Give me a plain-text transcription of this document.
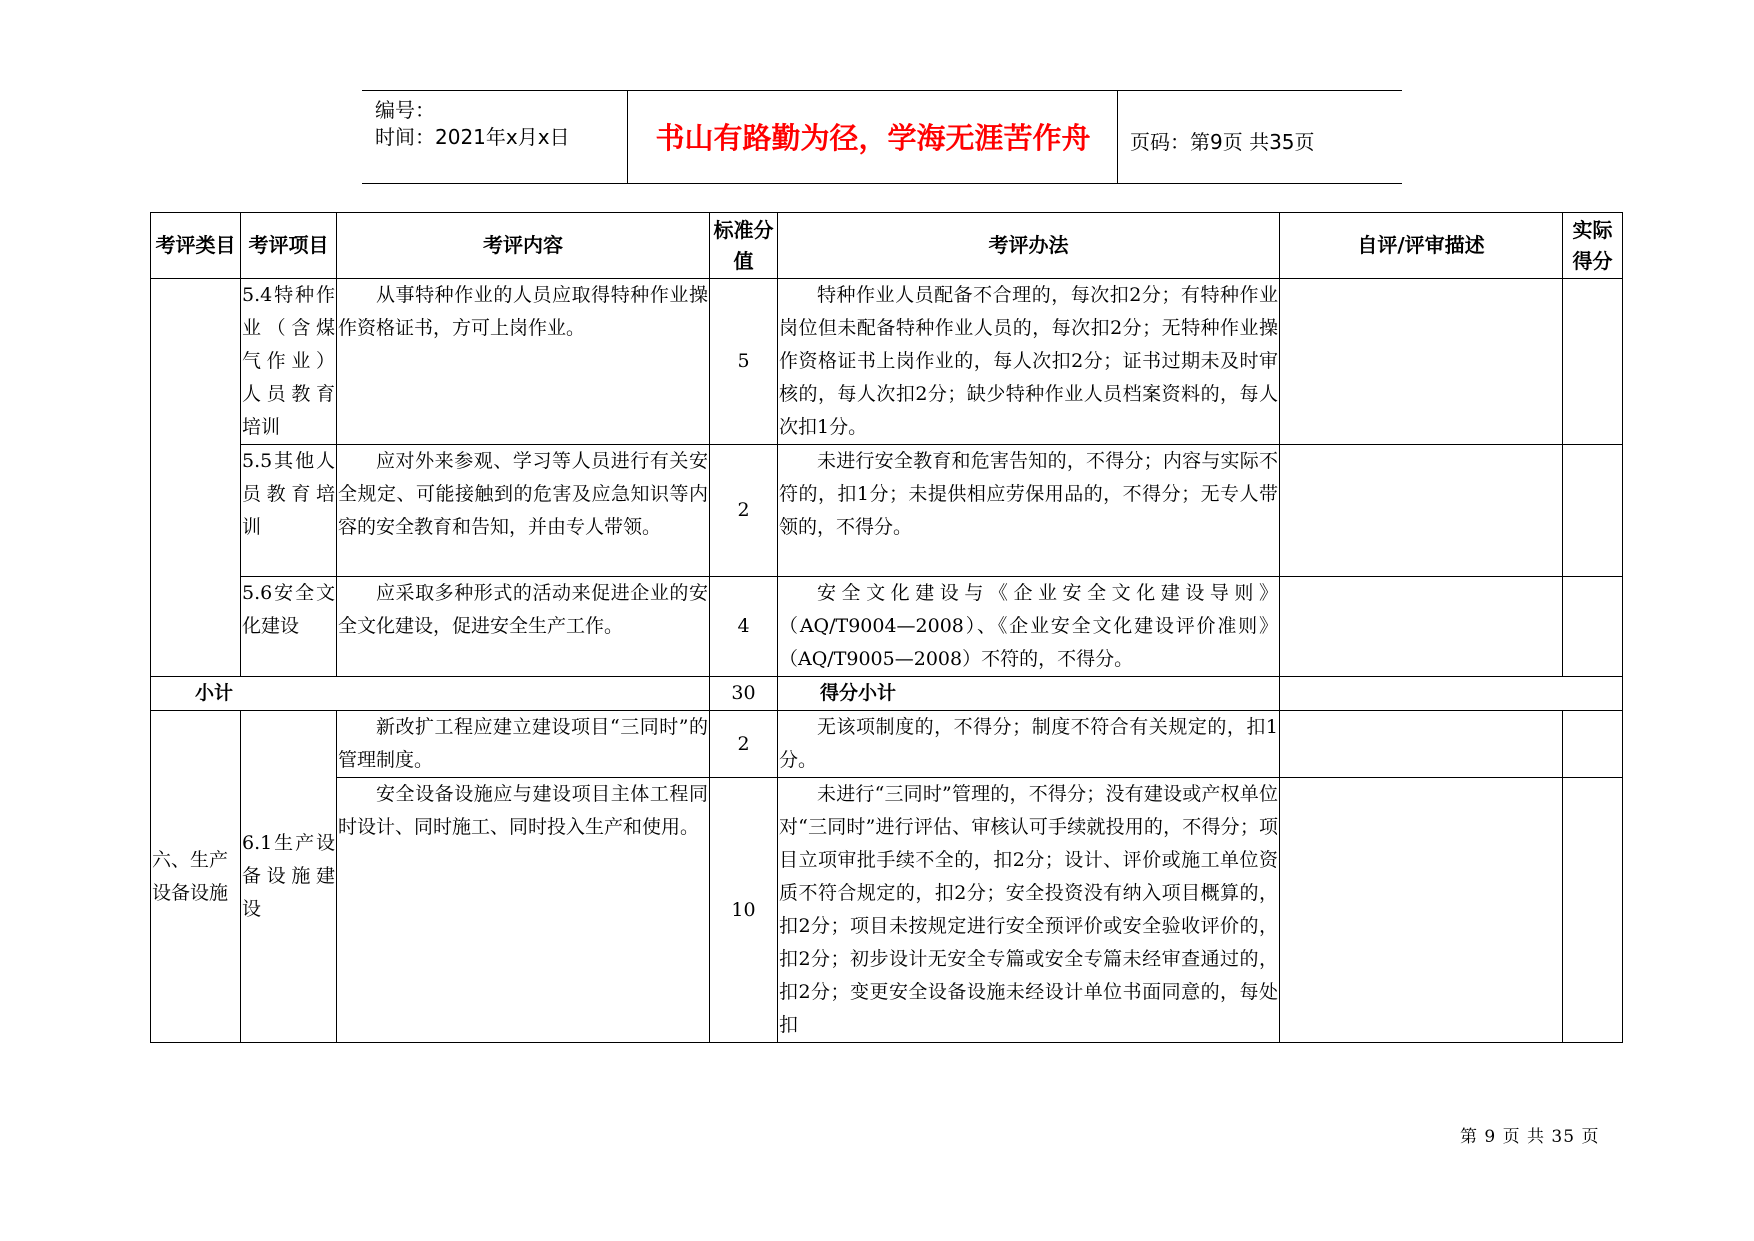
编号：
时间：2021年x月x日	书山有路勤为径，学海无涯苦作舟	页码：第9页 共35页
考评类目	考评项目	考评内容	标准分值	考评办法	自评/评审描述	实际得分
	5.4特种作业（含煤气作业）人员教育培训	从事特种作业的人员应取得特种作业操作资格证书，方可上岗作业。	5	特种作业人员配备不合理的，每次扣2分；有特种作业岗位但未配备特种作业人员的，每次扣2分；无特种作业操作资格证书上岗作业的，每人次扣2分；证书过期未及时审核的，每人次扣2分；缺少特种作业人员档案资料的，每人次扣1分。		
	5.5其他人员教育培训	应对外来参观、学习等人员进行有关安全规定、可能接触到的危害及应急知识等内容的安全教育和告知，并由专人带领。	2	未进行安全教育和危害告知的，不得分；内容与实际不符的，扣1分；未提供相应劳保用品的，不得分；无专人带领的，不得分。		
	5.6安全文化建设	应采取多种形式的活动来促进企业的安全文化建设，促进安全生产工作。	4	安全文化建设与《企业安全文化建设导则》（AQ/T9004—2008）、《企业安全文化建设评价准则》（AQ/T9005—2008）不符的，不得分。		
小计			30	得分小计		
六、生产设备设施	6.1生产设备设施建设	新改扩工程应建立建设项目“三同时”的管理制度。	2	无该项制度的，不得分；制度不符合有关规定的，扣1分。		
		安全设备设施应与建设项目主体工程同时设计、同时施工、同时投入生产和使用。	10	未进行“三同时”管理的，不得分；没有建设或产权单位对“三同时”进行评估、审核认可手续就投用的，不得分；项目立项审批手续不全的，扣2分；设计、评价或施工单位资质不符合规定的，扣2分；安全投资没有纳入项目概算的，扣2分；项目未按规定进行安全预评价或安全验收评价的，扣2分；初步设计无安全专篇或安全专篇未经审查通过的，扣2分；变更安全设备设施未经设计单位书面同意的，每处扣		
第 9 页 共 35 页
